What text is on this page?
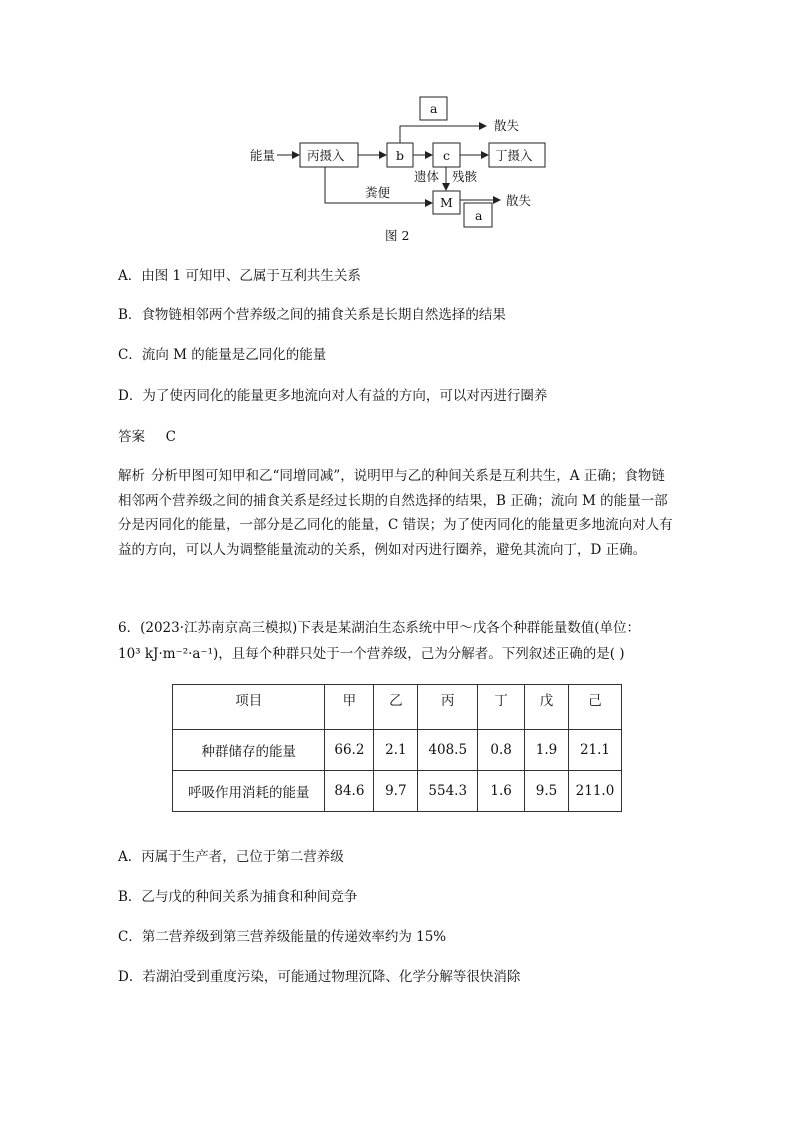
能量	丙摄入	b	c	丁摄入
a
M
a
散失
遗体 残骸
粪便
散失
图 2
A．由图 1 可知甲、乙属于互利共生关系
B．食物链相邻两个营养级之间的捕食关系是长期自然选择的结果
C．流向 M 的能量是乙同化的能量
D．为了使丙同化的能量更多地流向对人有益的方向，可以对丙进行圈养
答案 C
解析 分析甲图可知甲和乙“同增同减”，说明甲与乙的种间关系是互利共生，A 正确；食物链相邻两个营养级之间的捕食关系是经过长期的自然选择的结果，B 正确；流向 M 的能量一部分是丙同化的能量，一部分是乙同化的能量，C 错误；为了使丙同化的能量更多地流向对人有益的方向，可以人为调整能量流动的关系，例如对丙进行圈养，避免其流向丁，D 正确。
6．(2023·江苏南京高三模拟)下表是某湖泊生态系统中甲～戊各个种群能量数值(单位：
10³ kJ·m⁻²·a⁻¹)，且每个种群只处于一个营养级，己为分解者。下列叙述正确的是( )
项目	甲	乙	丙	丁	戊	己
种群储存的能量	66.2	2.1	408.5	0.8	1.9	21.1
呼吸作用消耗的能量	84.6	9.7	554.3	1.6	9.5	211.0
A．丙属于生产者，己位于第二营养级
B．乙与戊的种间关系为捕食和种间竞争
C．第二营养级到第三营养级能量的传递效率约为 15%
D．若湖泊受到重度污染，可能通过物理沉降、化学分解等很快消除
